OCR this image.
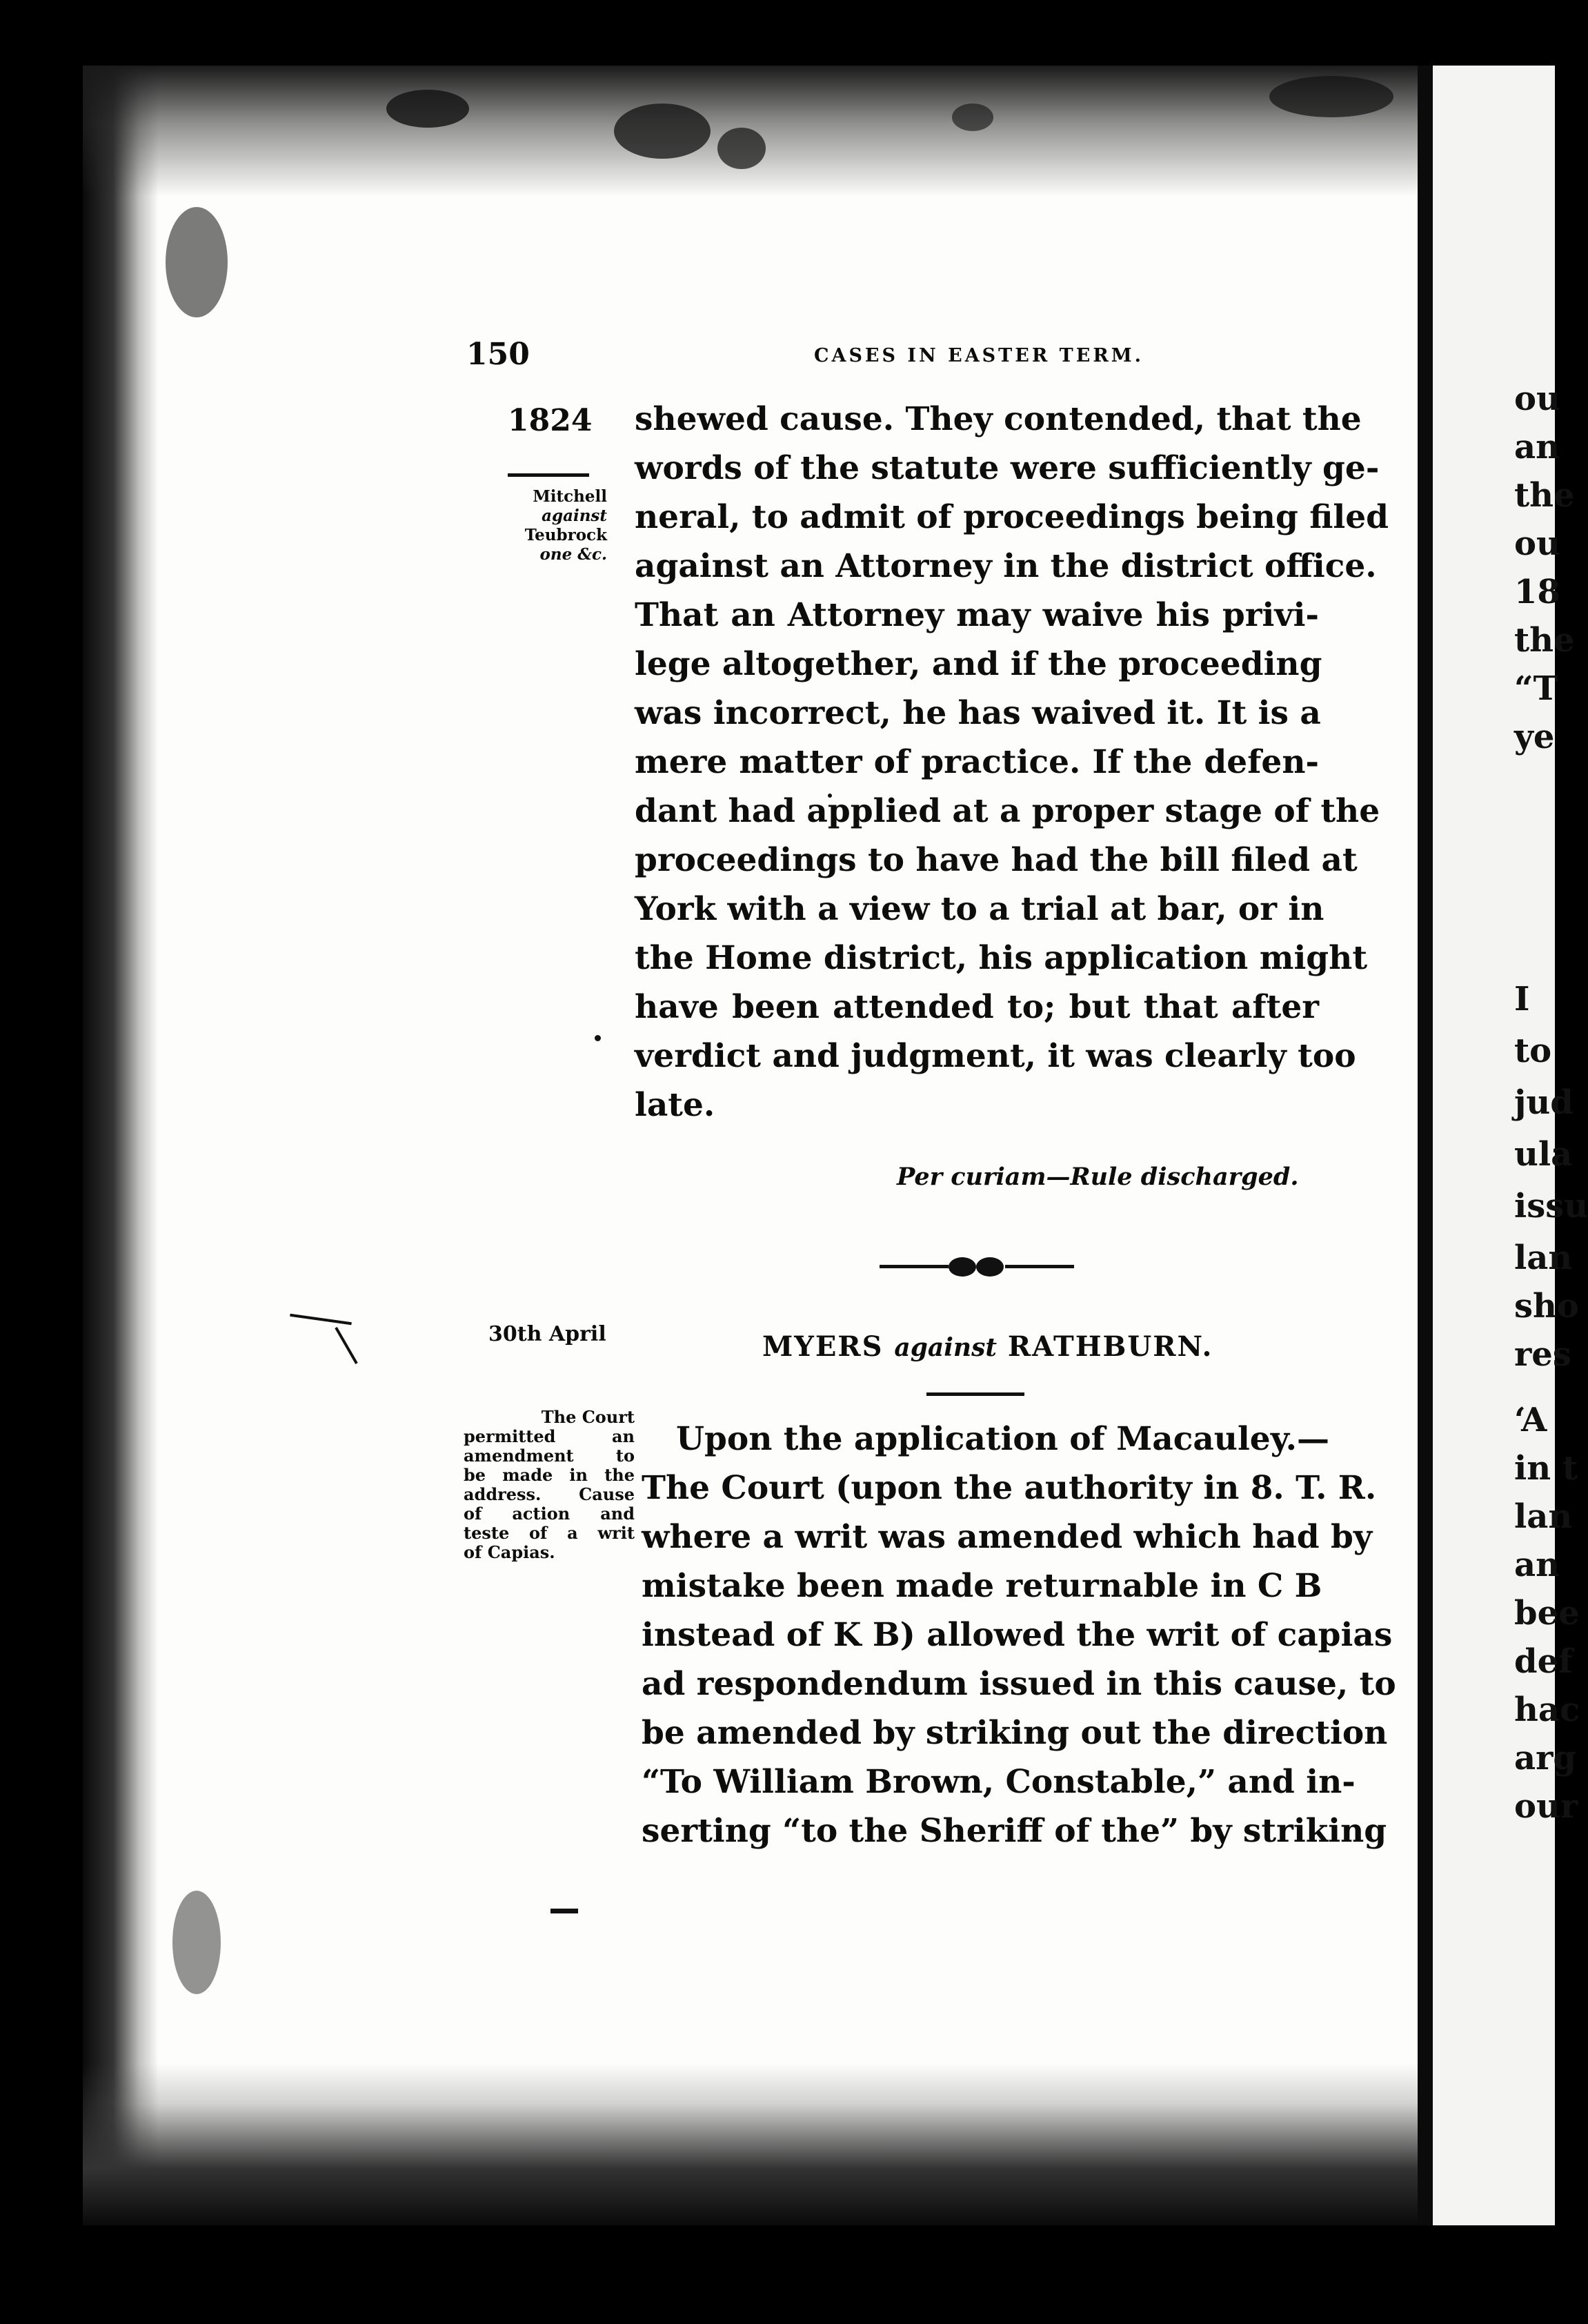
ou
an
the
ou
18
the
“T
ye
I
to
jud
ula
issu
lan
sho
res
‘A
in t
lan
an
bee
def
hac
arg
our
150	CASES IN EASTER TERM.
1824
Mitchell
against
Teubrock
one &c.
shewed cause. They contended, that the
words of the statute were sufficiently ge-
neral, to admit of proceedings being filed
against an Attorney in the district office.
That an Attorney may waive his privi-
lege altogether, and if the proceeding
was incorrect, he has waived it. It is a
mere matter of practice. If the defen-
dant had applied at a proper stage of the
proceedings to have had the bill filed at
York with a view to a trial at bar, or in
the Home district, his application might
have been attended to; but that after
verdict and judgment, it was clearly too
late.
Per curiam—Rule discharged.
30th April	MYERS against RATHBURN.
The Court
permitted an
amendment to
be made in the
address. Cause
of action and
teste of a writ
of Capias.
Upon the application of Macauley.—
The Court (upon the authority in 8. T. R.
where a writ was amended which had by
mistake been made returnable in C B
instead of K B) allowed the writ of capias
ad respondendum issued in this cause, to
be amended by striking out the direction
“To William Brown, Constable,” and in-
serting “to the Sheriff of the” by striking
